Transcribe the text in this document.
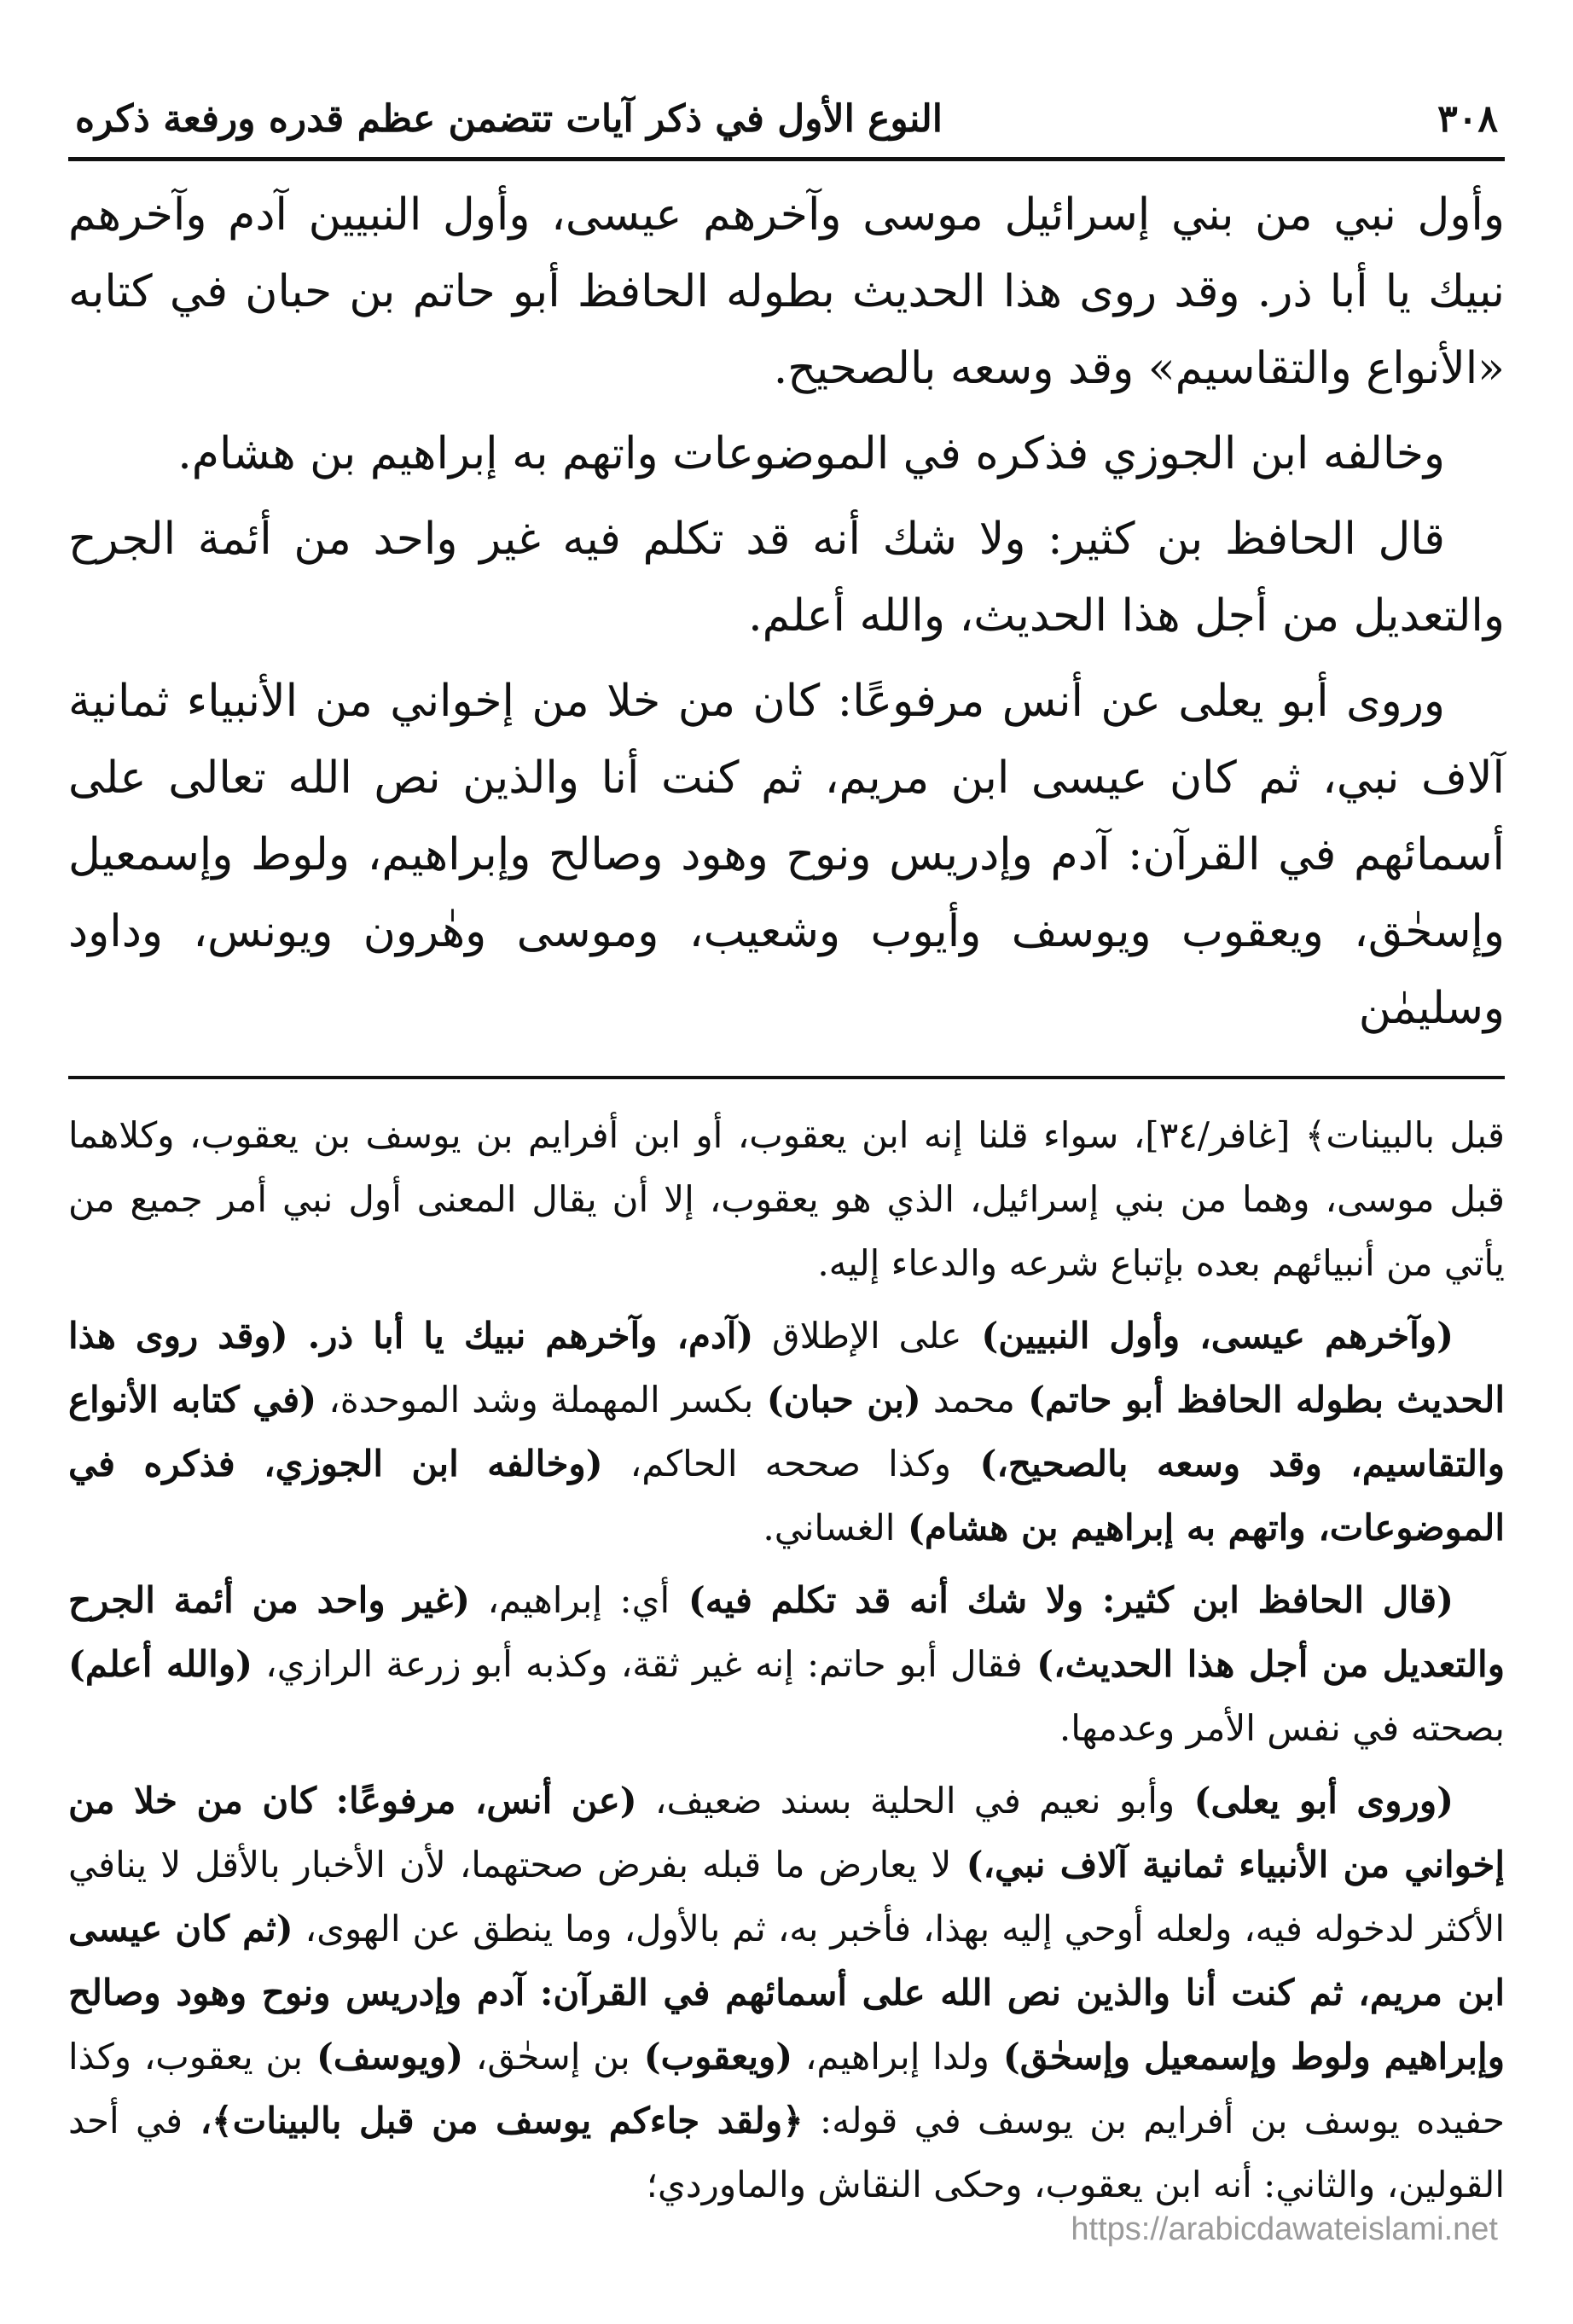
٣٠٨
النوع الأول في ذكر آيات تتضمن عظم قدره ورفعة ذكره

وأول نبي من بني إسرائيل موسى وآخرهم عيسى، وأول النبيين آدم وآخرهم نبيك يا أبا ذر. وقد روى هذا الحديث بطوله الحافظ أبو حاتم بن حبان في كتابه «الأنواع والتقاسيم» وقد وسعه بالصحيح.

وخالفه ابن الجوزي فذكره في الموضوعات واتهم به إبراهيم بن هشام.

قال الحافظ بن كثير: ولا شك أنه قد تكلم فيه غير واحد من أئمة الجرح والتعديل من أجل هذا الحديث، والله أعلم.

وروى أبو يعلى عن أنس مرفوعًا: كان من خلا من إخواني من الأنبياء ثمانية آلاف نبي، ثم كان عيسى ابن مريم، ثم كنت أنا والذين نص الله تعالى على أسمائهم في القرآن: آدم وإدريس ونوح وهود وصالح وإبراهيم، ولوط وإسمعيل وإسحٰق، ويعقوب ويوسف وأيوب وشعيب، وموسى وهٰرون ويونس، وداود وسليمٰن

قبل بالبينات﴾ [غافر/٣٤]، سواء قلنا إنه ابن يعقوب، أو ابن أفرايم بن يوسف بن يعقوب، وكلاهما قبل موسى، وهما من بني إسرائيل، الذي هو يعقوب، إلا أن يقال المعنى أول نبي أمر جميع من يأتي من أنبيائهم بعده بإتباع شرعه والدعاء إليه.

(وآخرهم عيسى، وأول النبيين) على الإطلاق (آدم، وآخرهم نبيك يا أبا ذر. (وقد روى هذا الحديث بطوله الحافظ أبو حاتم) محمد (بن حبان) بكسر المهملة وشد الموحدة، (في كتابه الأنواع والتقاسيم، وقد وسعه بالصحيح،) وكذا صححه الحاكم، (وخالفه ابن الجوزي، فذكره في الموضوعات، واتهم به إبراهيم بن هشام) الغساني.

(قال الحافظ ابن كثير: ولا شك أنه قد تكلم فيه) أي: إبراهيم، (غير واحد من أئمة الجرح والتعديل من أجل هذا الحديث،) فقال أبو حاتم: إنه غير ثقة، وكذبه أبو زرعة الرازي، (والله أعلم) بصحته في نفس الأمر وعدمها.

(وروى أبو يعلى) وأبو نعيم في الحلية بسند ضعيف، (عن أنس، مرفوعًا: كان من خلا من إخواني من الأنبياء ثمانية آلاف نبي،) لا يعارض ما قبله بفرض صحتهما، لأن الأخبار بالأقل لا ينافي الأكثر لدخوله فيه، ولعله أوحي إليه بهذا، فأخبر به، ثم بالأول، وما ينطق عن الهوى، (ثم كان عيسى ابن مريم، ثم كنت أنا والذين نص الله على أسمائهم في القرآن: آدم وإدريس ونوح وهود وصالح وإبراهيم ولوط وإسمعيل وإسحٰق) ولدا إبراهيم، (ويعقوب) بن إسحٰق، (ويوسف) بن يعقوب، وكذا حفيده يوسف بن أفرايم بن يوسف في قوله: ﴿ولقد جاءكم يوسف من قبل بالبينات﴾، في أحد القولين، والثاني: أنه ابن يعقوب، وحكى النقاش والماوردي؛

https://arabicdawateislami.net
